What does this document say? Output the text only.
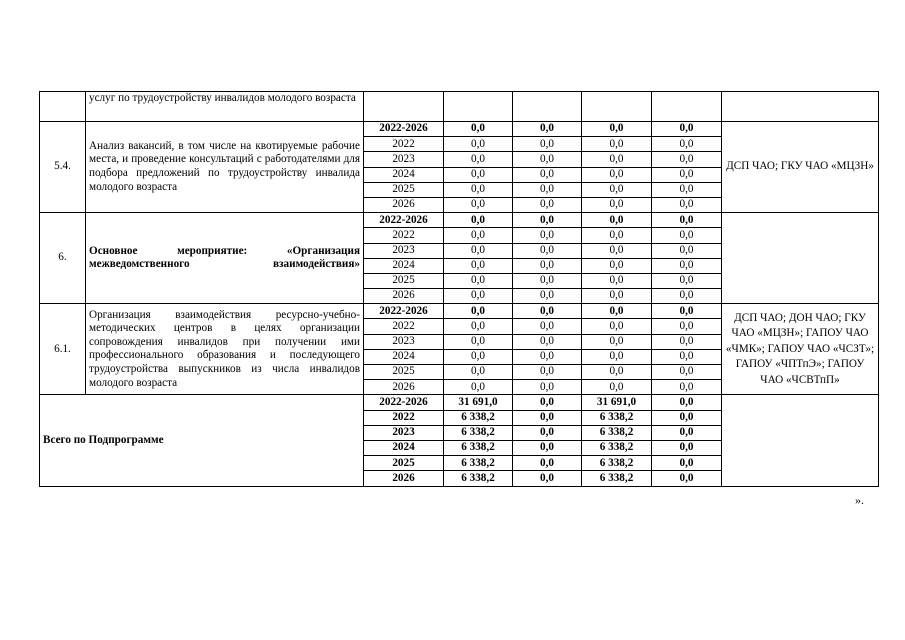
	услуг по трудоустройству инвалидов молодого возраста						
5.4.	Анализ вакансий, в том числе на квотируемые рабочие места, и проведение консультаций с работодателями для подбора предложений по трудоустройству инвалида молодого возраста	2022-2026	0,0	0,0	0,0	0,0	ДСП ЧАО; ГКУ ЧАО «МЦЗН»
		2022	0,0	0,0	0,0	0,0	
		2023	0,0	0,0	0,0	0,0	
		2024	0,0	0,0	0,0	0,0	
		2025	0,0	0,0	0,0	0,0	
		2026	0,0	0,0	0,0	0,0	
6.	Основное мероприятие: «Организация межведомственного взаимодействия»	2022-2026	0,0	0,0	0,0	0,0	
		2022	0,0	0,0	0,0	0,0	
		2023	0,0	0,0	0,0	0,0	
		2024	0,0	0,0	0,0	0,0	
		2025	0,0	0,0	0,0	0,0	
		2026	0,0	0,0	0,0	0,0	
6.1.	Организация взаимодействия ресурсно-учебно-методических центров в целях организации сопровождения инвалидов при получении ими профессионального образования и последующего трудоустройства выпускников из числа инвалидов молодого возраста	2022-2026	0,0	0,0	0,0	0,0	ДСП ЧАО; ДОН ЧАО; ГКУ ЧАО «МЦЗН»; ГАПОУ ЧАО «ЧМК»; ГАПОУ ЧАО «ЧСЗТ»; ГАПОУ «ЧПТпЭ»; ГАПОУ ЧАО «ЧСВТпП»
		2022	0,0	0,0	0,0	0,0	
		2023	0,0	0,0	0,0	0,0	
		2024	0,0	0,0	0,0	0,0	
		2025	0,0	0,0	0,0	0,0	
		2026	0,0	0,0	0,0	0,0	
Всего по Подпрограмме		2022-2026	31 691,0	0,0	31 691,0	0,0	
		2022	6 338,2	0,0	6 338,2	0,0	
		2023	6 338,2	0,0	6 338,2	0,0	
		2024	6 338,2	0,0	6 338,2	0,0	
		2025	6 338,2	0,0	6 338,2	0,0	
		2026	6 338,2	0,0	6 338,2	0,0	
».
